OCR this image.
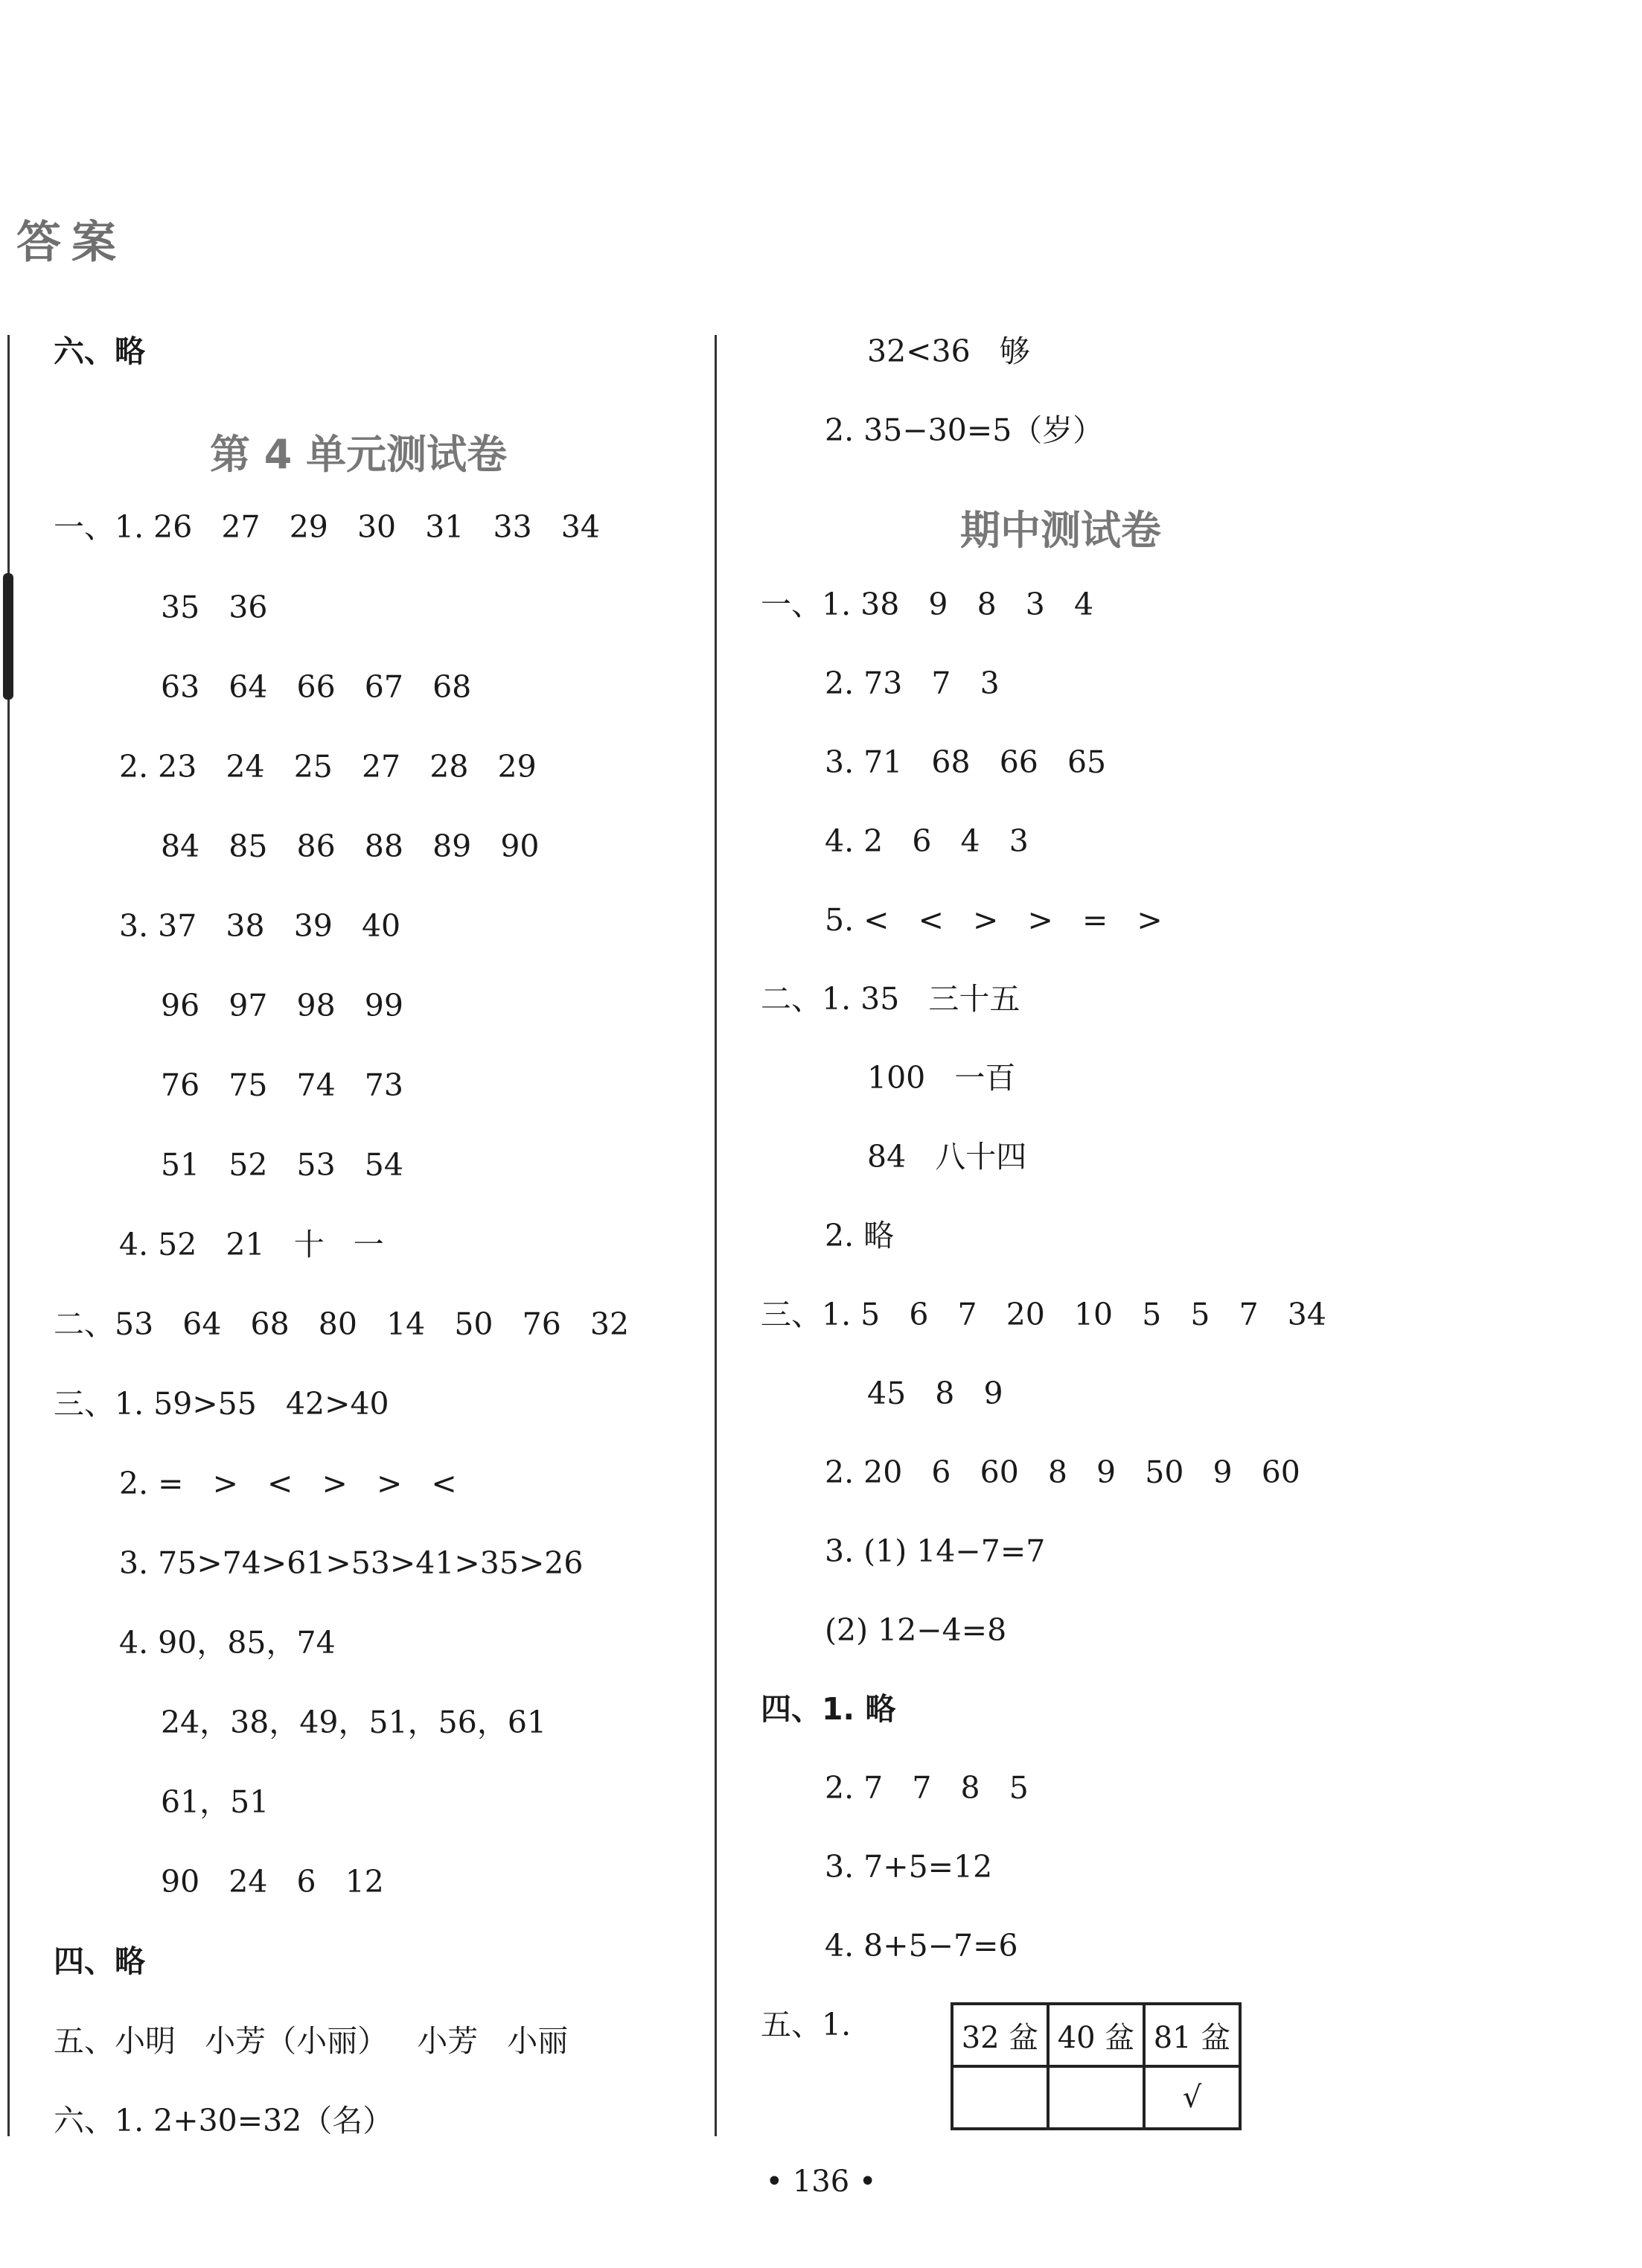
答案
六、略
第 4 单元测试卷
一、1. 26   27   29   30   31   33   34
35   36
63   64   66   67   68
2. 23   24   25   27   28   29
84   85   86   88   89   90
3. 37   38   39   40
96   97   98   99
76   75   74   73
51   52   53   54
4. 52   21   十   一
二、53   64   68   80   14   50   76   32
三、1. 59>55   42>40
2. =   >   <   >   >   <
3. 75>74>61>53>41>35>26
4. 90，85，74
24，38，49，51，56，61
61，51
90   24   6   12
四、略
五、小明   小芳（小丽）   小芳   小丽
六、1. 2+30=32（名）
32<36   够
2. 35−30=5（岁）
期中测试卷
一、1. 38   9   8   3   4
2. 73   7   3
3. 71   68   66   65
4. 2   6   4   3
5. <   <   >   >   =   >
二、1. 35   三十五
100   一百
84   八十四
2. 略
三、1. 5   6   7   20   10   5   5   7   34
45   8   9
2. 20   6   60   8   9   50   9   60
3. (1) 14−7=7
(2) 12−4=8
四、1. 略
2. 7   7   8   5
3. 7+5=12
4. 8+5−7=6
五、1.	32 盆	40 盆	81 盆
		√
• 136 •
